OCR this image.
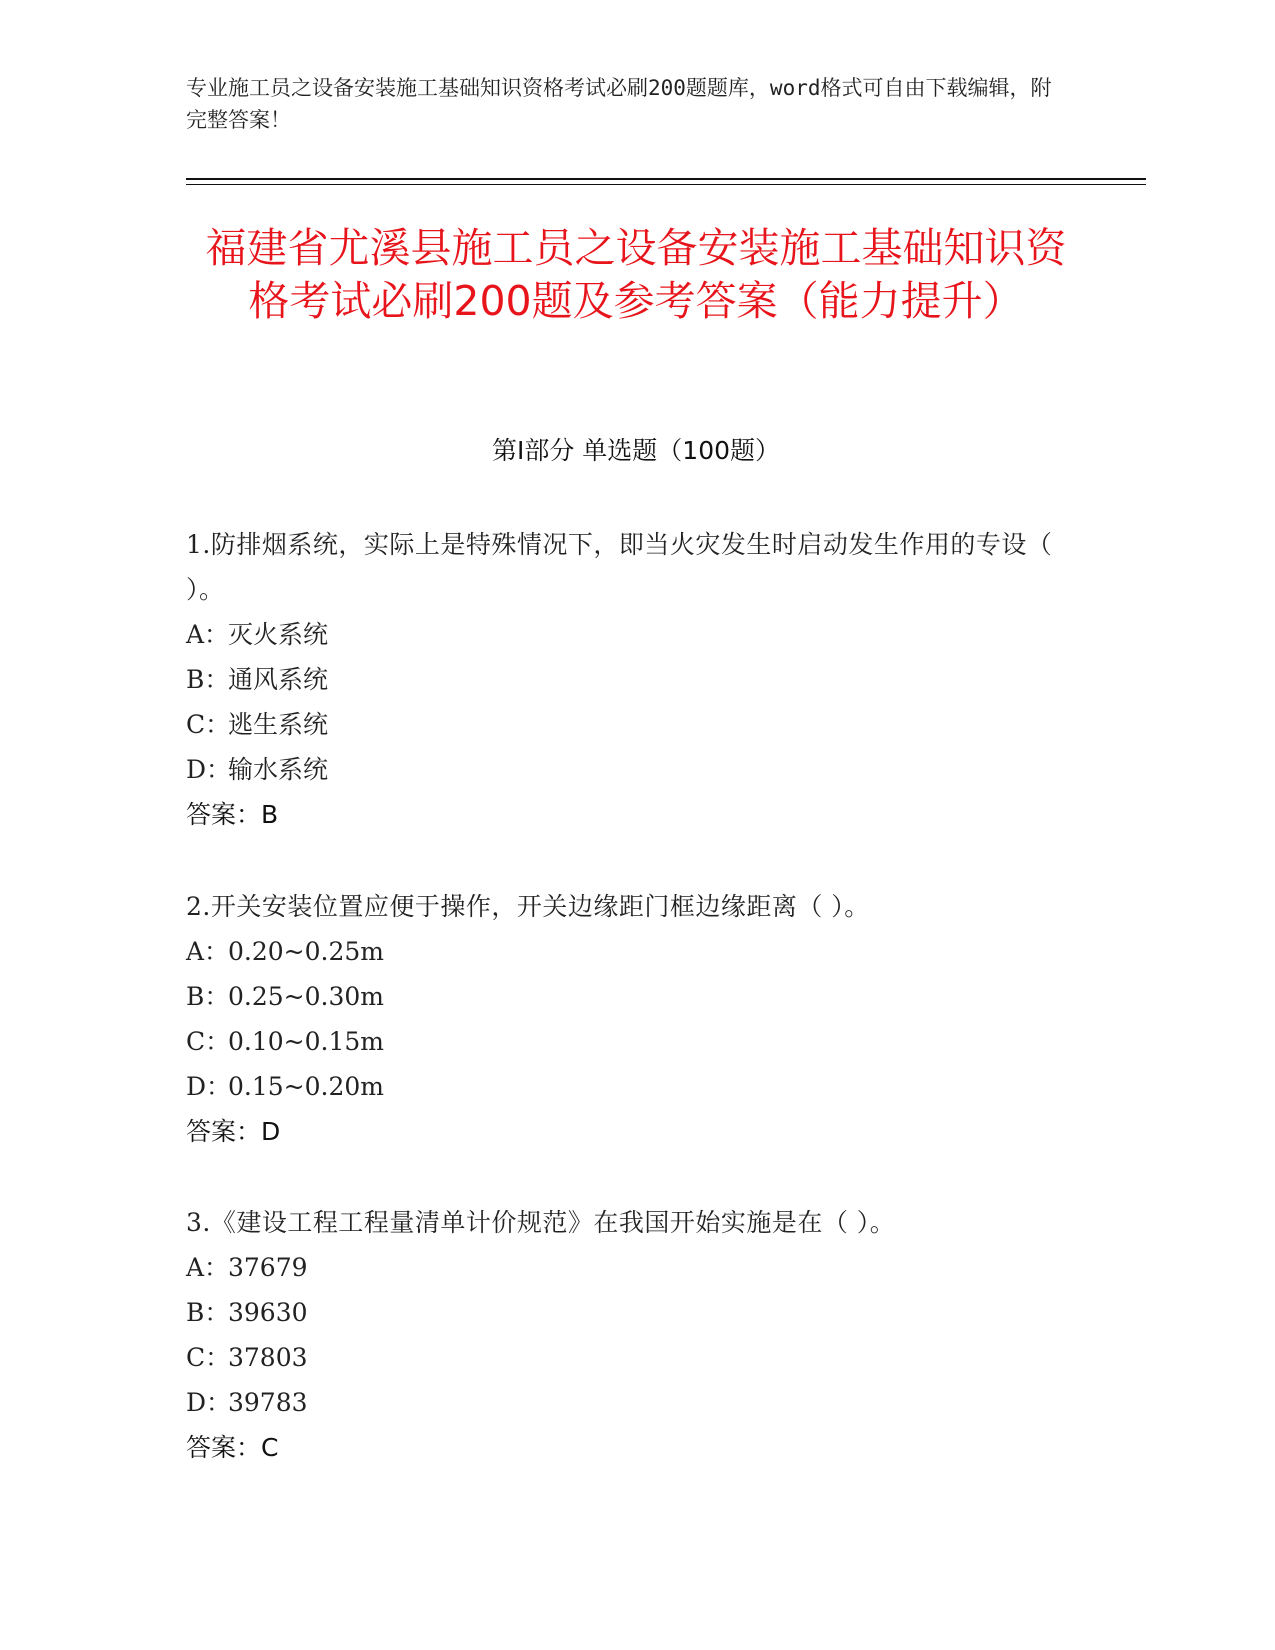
专业施工员之设备安装施工基础知识资格考试必刷200题题库，word格式可自由下载编辑，附完整答案！

福建省尤溪县施工员之设备安装施工基础知识资格考试必刷200题及参考答案（能力提升）
第Ⅰ部分 单选题（100题）

1.防排烟系统，实际上是特殊情况下，即当火灾发生时启动发生作用的专设（ ）。

A：灭火系统

B：通风系统

C：逃生系统

D：输水系统

答案：B

2.开关安装位置应便于操作，开关边缘距门框边缘距离（ ）。

A：0.20~0.25m

B：0.25~0.30m

C：0.10~0.15m

D：0.15~0.20m

答案：D

3.《建设工程工程量清单计价规范》在我国开始实施是在（ ）。

A：37679

B：39630

C：37803

D：39783

答案：C
